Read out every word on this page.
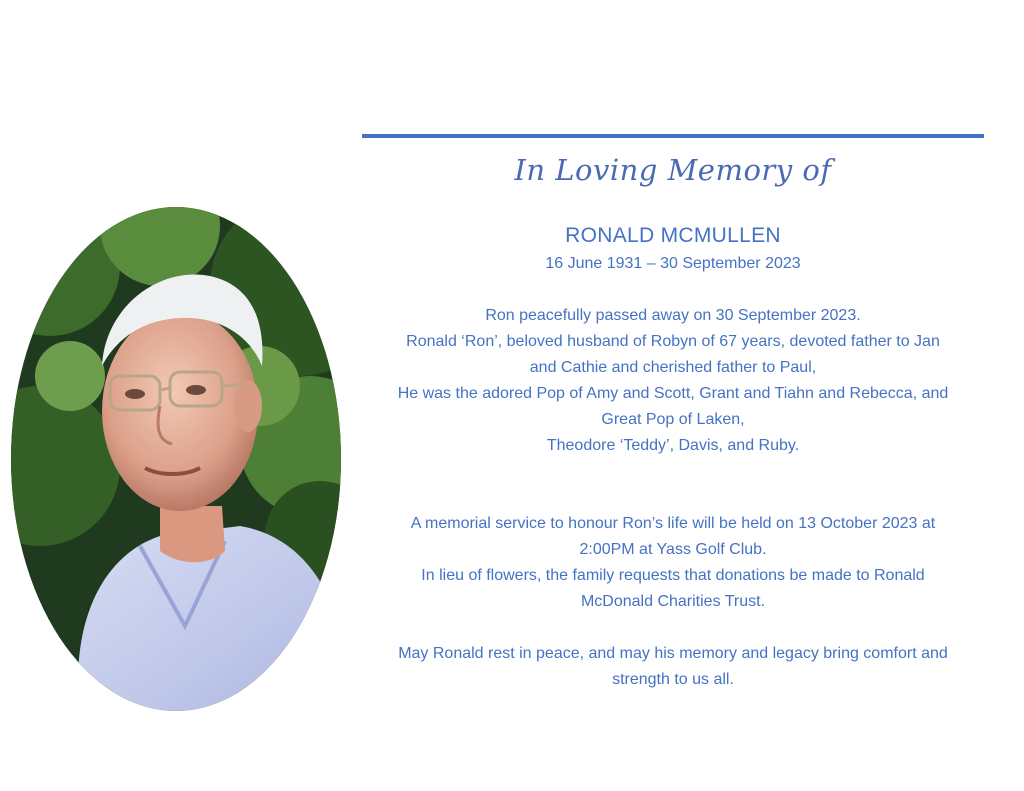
In Loving Memory of

RONALD MCMULLEN

16 June 1931 – 30 September 2023

Ron peacefully passed away on 30 September 2023.

Ronald ‘Ron’, beloved husband of Robyn of 67 years, devoted father to Jan

and Cathie and cherished father to Paul,

He was the adored Pop of Amy and Scott, Grant and Tiahn and Rebecca, and

Great Pop of Laken,

Theodore ‘Teddy’, Davis, and Ruby.

A memorial service to honour Ron’s life will be held on 13 October 2023 at

2:00PM at Yass Golf Club.

In lieu of flowers, the family requests that donations be made to Ronald

McDonald Charities Trust.

May Ronald rest in peace, and may his memory and legacy bring comfort and

strength to us all.
